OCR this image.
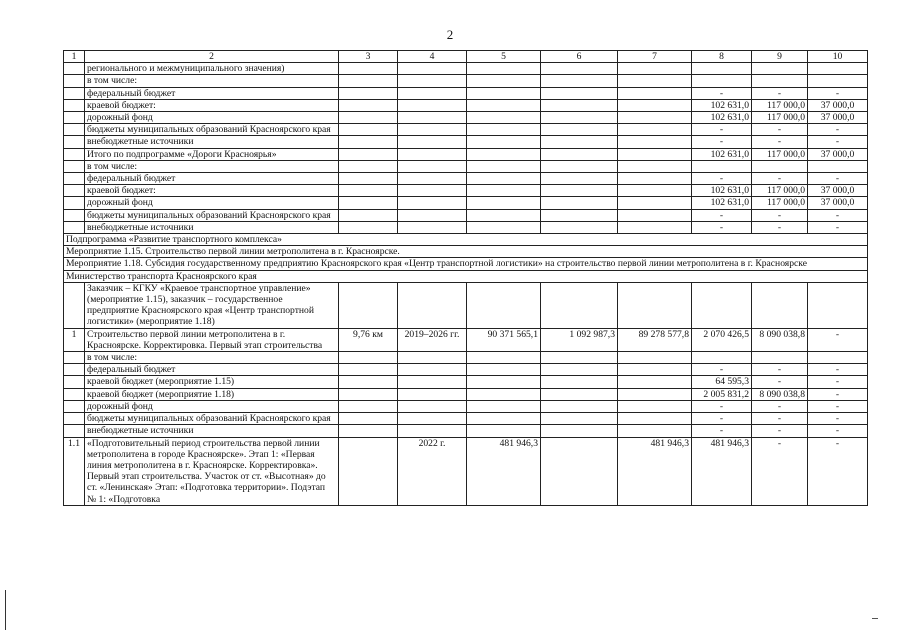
2
1	2	3	4	5	6	7	8	9	10
	регионального и межмуниципального значения)								
	в том числе:								
	федеральный бюджет						-	-	-
	краевой бюджет:						102 631,0	117 000,0	37 000,0
	дорожный фонд						102 631,0	117 000,0	37 000,0
	бюджеты муниципальных образований Красноярского края						-	-	-
	внебюджетные источники						-	-	-
	Итого по подпрограмме «Дороги Красноярья»						102 631,0	117 000,0	37 000,0
	в том числе:								
	федеральный бюджет						-	-	-
	краевой бюджет:						102 631,0	117 000,0	37 000,0
	дорожный фонд						102 631,0	117 000,0	37 000,0
	бюджеты муниципальных образований Красноярского края						-	-	-
	внебюджетные источники						-	-	-
Подпрограмма «Развитие транспортного комплекса»									
Мероприятие 1.15. Строительство первой линии метрополитена в г. Красноярске.									
Мероприятие 1.18. Субсидия государственному предприятию Красноярского края «Центр транспортной логистики» на строительство первой линии метрополитена в г. Красноярске									
Министерство транспорта Красноярского края									
	Заказчик – КГКУ «Краевое транспортное управление» (мероприятие 1.15), заказчик – государственное предприятие Красноярского края «Центр транспортной логистики» (мероприятие 1.18)								
1	Строительство первой линии метрополитена в г. Красноярске. Корректировка. Первый этап строительства	9,76 км	2019–2026 гг.	90 371 565,1	1 092 987,3	89 278 577,8	2 070 426,5	8 090 038,8	-
	в том числе:								
	федеральный бюджет						-	-	-
	краевой бюджет (мероприятие 1.15)						64 595,3	-	-
	краевой бюджет (мероприятие 1.18)						2 005 831,2	8 090 038,8	-
	дорожный фонд						-	-	-
	бюджеты муниципальных образований Красноярского края						-	-	-
	внебюджетные источники						-	-	-
1.1	«Подготовительный период строительства первой линии метрополитена в городе Красноярске». Этап 1: «Первая линия метрополитена в г. Красноярске. Корректировка». Первый этап строительства. Участок от ст. «Высотная» до ст. «Ленинская» Этап: «Подготовка территории». Подэтап № 1: «Подготовка		2022 г.	481 946,3		481 946,3	481 946,3	-	-
